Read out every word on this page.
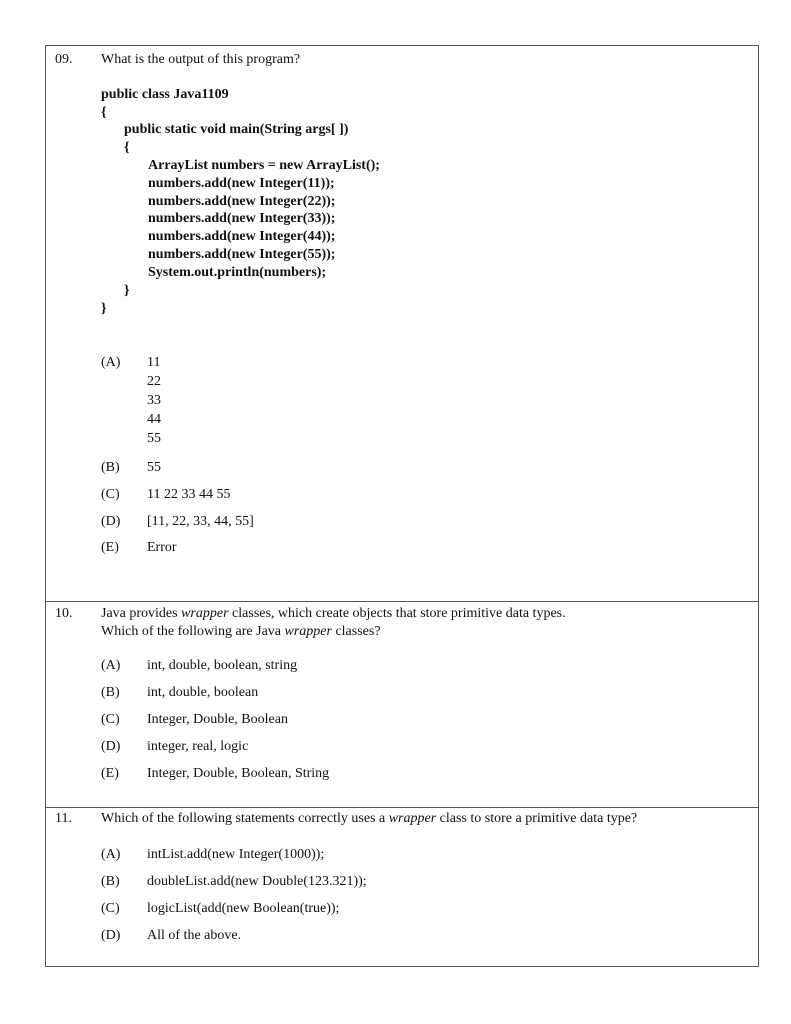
09. What is the output of this program?
public class Java1109
{
public static void main(String args[ ])
{
ArrayList numbers = new ArrayList();
numbers.add(new Integer(11));
numbers.add(new Integer(22));
numbers.add(new Integer(33));
numbers.add(new Integer(44));
numbers.add(new Integer(55));
System.out.println(numbers);
}
}
(A) 11
22
33
44
55
(B) 55
(C) 11 22 33 44 55
(D) [11, 22, 33, 44, 55]
(E) Error
10. Java provides wrapper classes, which create objects that store primitive data types.
Which of the following are Java wrapper classes?
(A) int, double, boolean, string
(B) int, double, boolean
(C) Integer, Double, Boolean
(D) integer, real, logic
(E) Integer, Double, Boolean, String
11. Which of the following statements correctly uses a wrapper class to store a primitive data type?
(A) intList.add(new Integer(1000));
(B) doubleList.add(new Double(123.321));
(C) logicList(add(new Boolean(true));
(D) All of the above.
